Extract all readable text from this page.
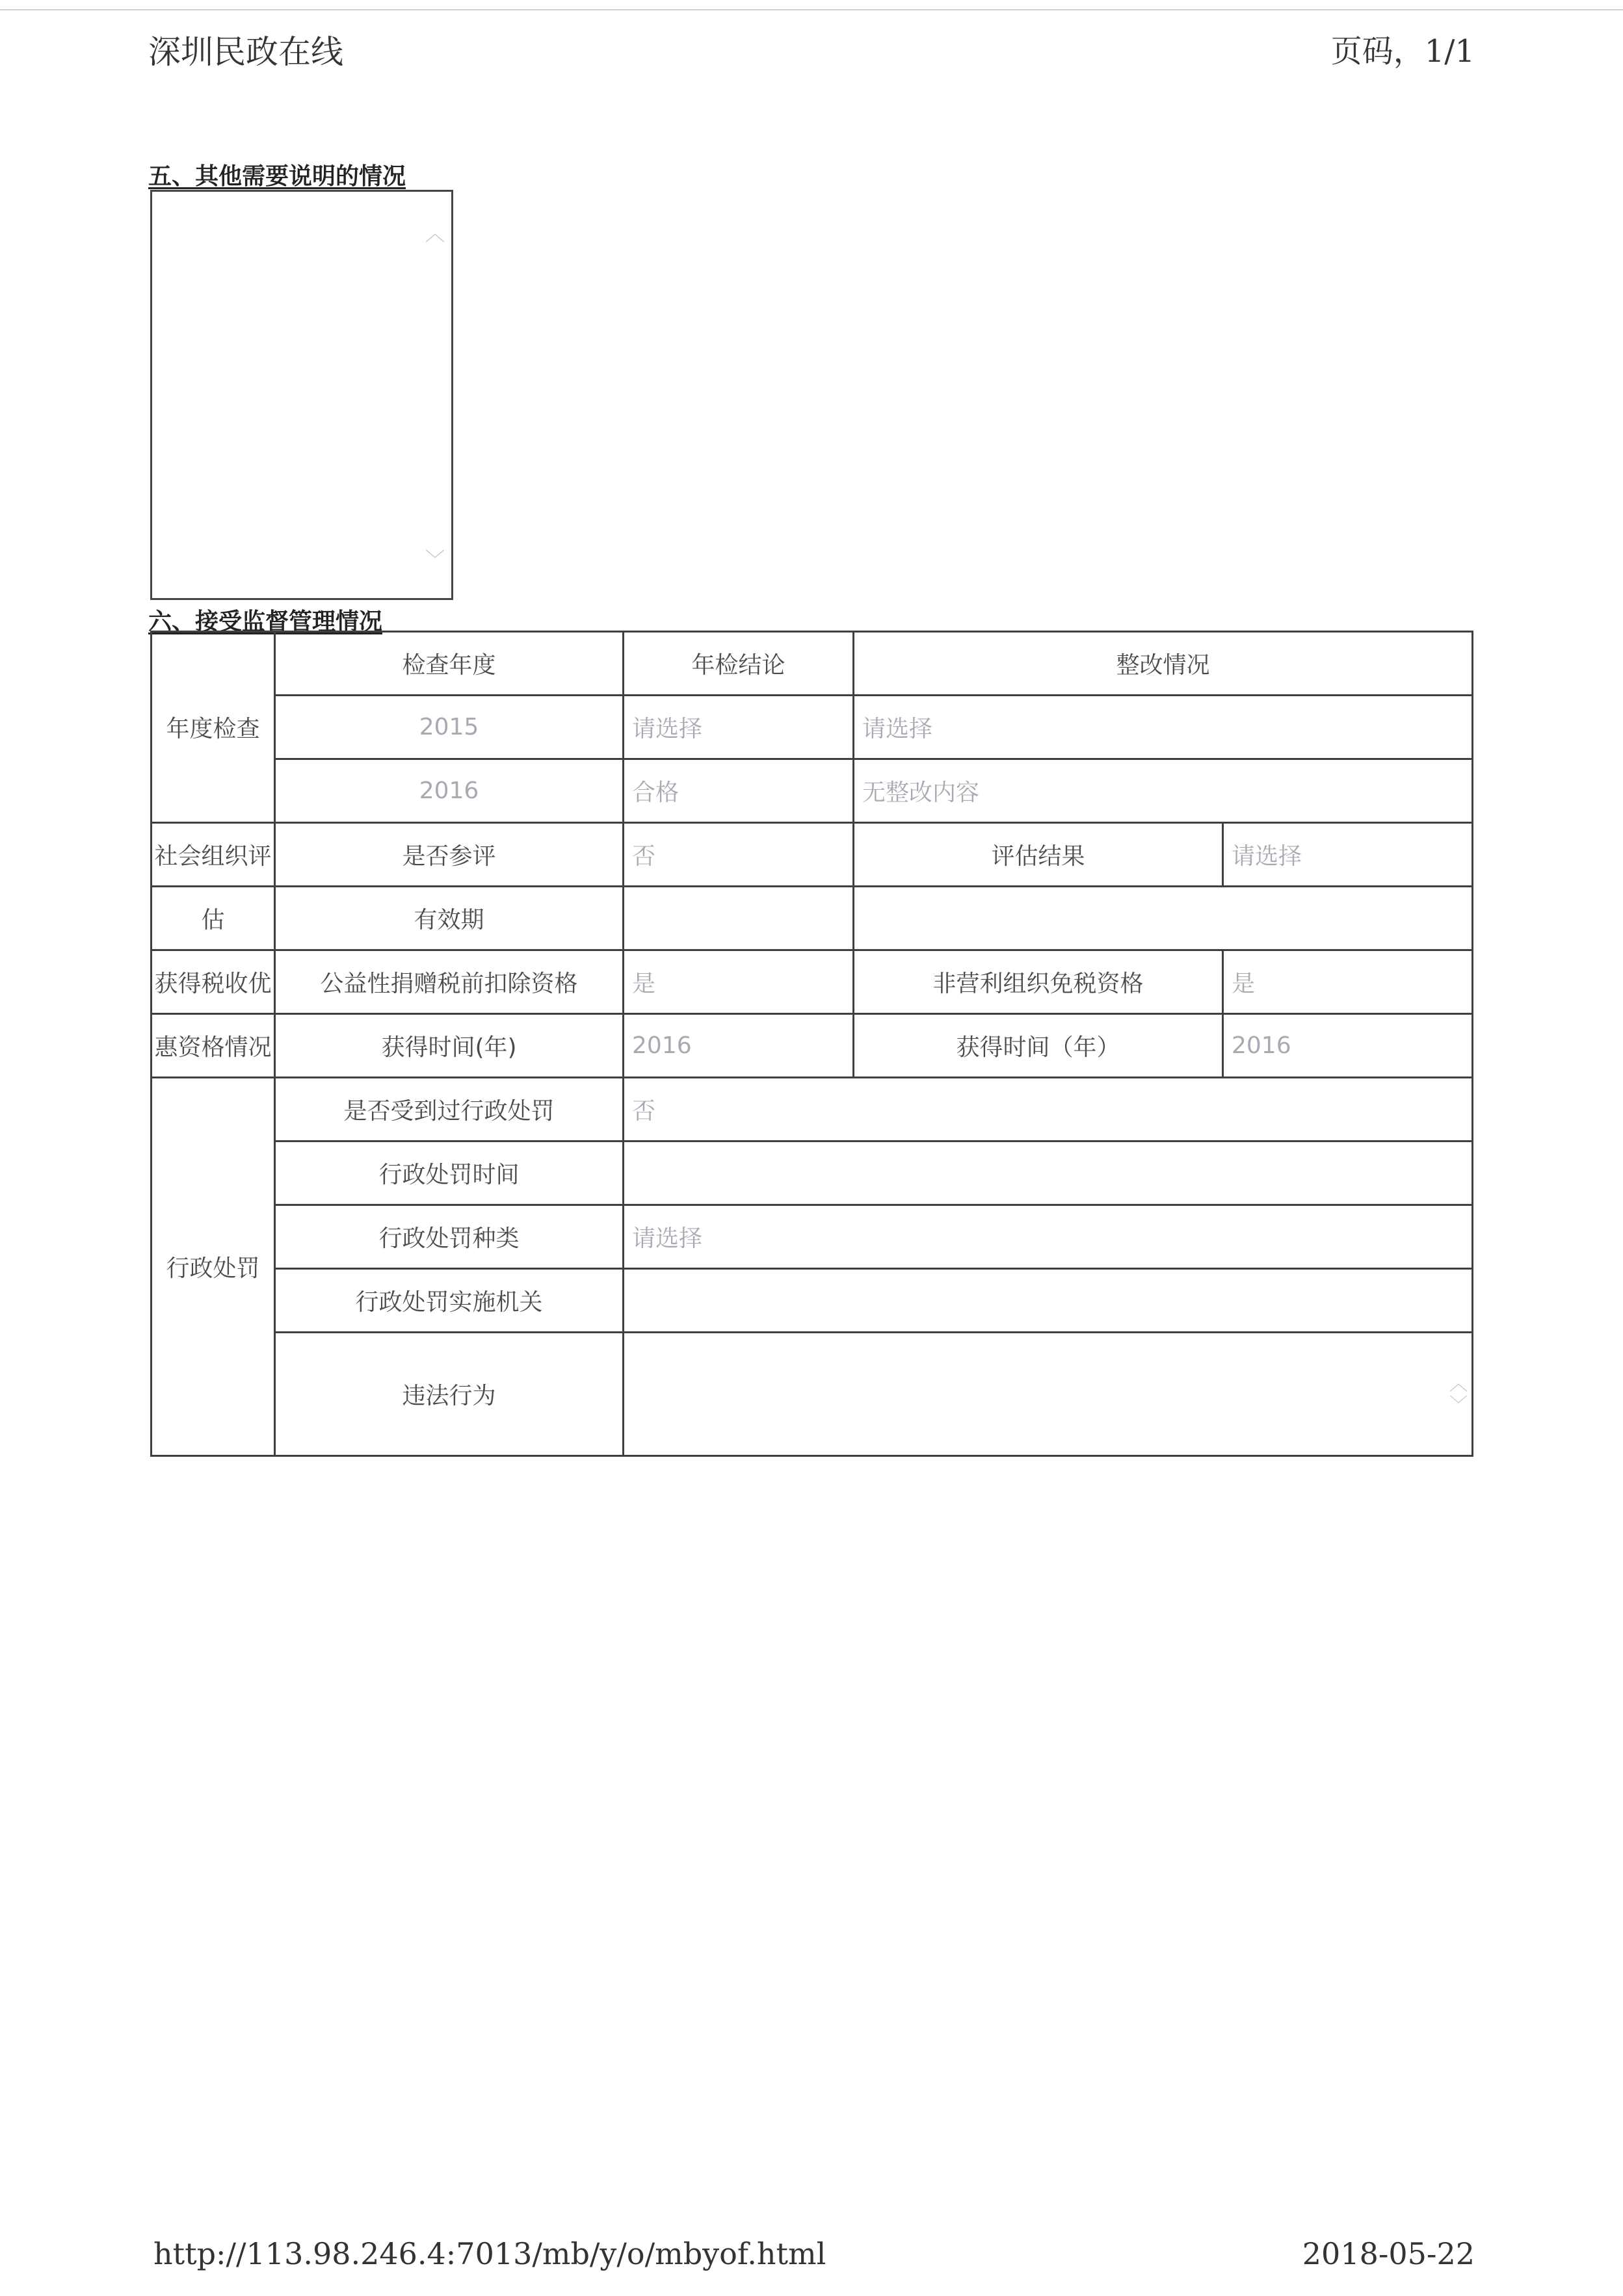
深圳民政在线	页码，1/1
五、其他需要说明的情况
︿
﹀
六、接受监督管理情况
年度检查	检查年度	年检结论	整改情况	
	2015	请选择	请选择	
	2016	合格	无整改内容	
社会组织评	是否参评	否	评估结果	请选择
估	有效期			
获得税收优	公益性捐赠税前扣除资格	是	非营利组织免税资格	是
惠资格情况	获得时间(年)	2016	获得时间（年）	2016
行政处罚	是否受到过行政处罚	否		
	行政处罚时间			
	行政处罚种类	请选择		
	行政处罚实施机关			
	违法行为	︿
﹀		
http://113.98.246.4:7013/mb/y/o/mbyof.html	2018-05-22
